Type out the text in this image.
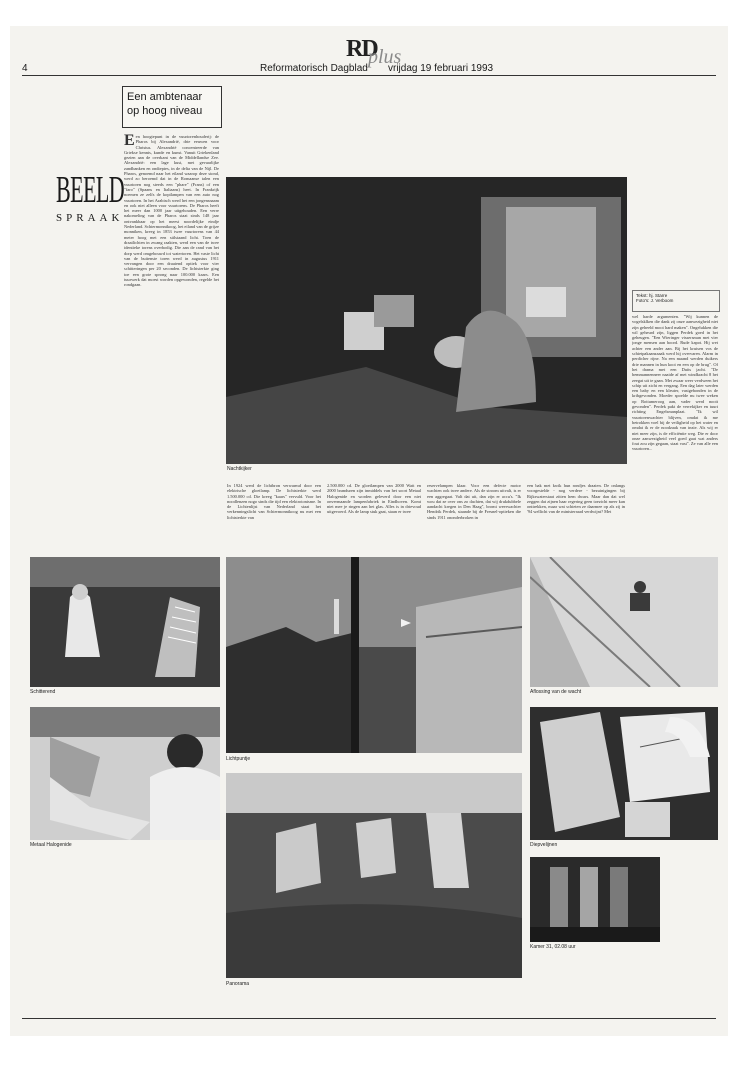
RD
plus
4	Reformatorisch Dagblad vrijdag 19 februari 1993
BEELD
SPRAAK
Een ambtenaar op hoog niveau
E en hoogtepunt in de vuurtorenhouderij: de Pharos bij Alexandrië, drie eeuwen voor Christus. Alexandrië concentreerde van Griekse kennis, kunde en kunst. Vanuit Griekenland gezien aan de overkant van de Middellandse Zee. Alexandrië: een lage kust, met gevaarlijke zandbanken en ondieptes, in de delta van de Nijl. De Pharos, genoemd naar het eiland waarop deze stond, werd zo beroemd dat in de Romaanse talen een vuurtoren nog steeds een "phare" (Frans) of een "faro" (Spaans en Italiaans) heet. In Frankrijk noemen ze zelfs de kopilampen van een auto nog vuurtoren. In het Arabisch werd het een jongensnaam en ook niet alleen voor vuurtorens. De Pharos heeft het meer dan 1000 jaar uitgehouden. Een verre nakomeling van de Pharos staat sinds 148 jaar ontvankbaar op het meest noordelijke eindje Nederland. Schiermonnikoog, het eiland van de grijze monniken, kreeg in 1853 twee vuurtorens van 44 meter hoog met een stilstaand licht. Toen de draailichten in zwang raakten, werd een van de twee identieke torens overbodig. Die aan de rand van het dorp werd omgebouwd tot watertoren. Het vaste licht van de buitenste toren werd in augustus 1911 vervangen door een draaiend optiek voor vier schitteringen per 20 seconden. De lichtsterkte ging toe een grote sprong naar 100.000 kaars. Een tuurwerk dat moest worden opgewonden, regelde het rondgaan.
Nachtkijker
Tekst: hj. Starre
Foto's: J. Verboom
wel harde argumenten. "Wij kunnen de vogelsklken die dank zij onze aanwezigheid niet zijn geheeld mooi hard maken". Ongelukken die wil geheurd zijn, liggen Perdek goed in het geheugen. "Een Wieringer vissersman met vier jonge mensen aan boord. Rude kapot. Hij wet achter een ander aan. Bij het kruisen vos de schietpakaanzaaak werd hij overvaren. Alarm in perdicher rijne. Na een maand werden duikers drie mannen in hun kooi en een op de brug". Of het drama met een Duits jacht. "De bemmannenneer naaide af met windkracht 8 het zeegat uit te gaan. Met zwaar weer verdween het schip uit zicht en vergang. Een dag later werden een baby en een kleuter, vastgebonden in de kribgevonden. Moeder spoelde nu twee weken op Rottumeroog aan, vader werd nooit gevonden". Perdek pakt de verrekijker en tuurt richting Engelsmanplaat. "Ik wil vuurtorenwachter blijven, omdat ik me betrokken voel bij de veiligheid op het water en omdat ik er de noodzaak van inzie. Als wij er niet meer zijn, is de efficiëntie weg. Die er door onze aanwezigheid veel goed gaat wat anders fout zou zijn gegaan, staat vast". Ze van alle een vuurtoren...
In 1924 werd de lichtbron verwarmd door een elektrische gloeilamp. De lichtsterkte werd 1.500.000 cd. Die kreeg "kaars" vervuld. Voor het noodlenzen nogo sinds die tijd een elektrotonisme. In de Lichtenlijst van Nederland staat het verkenningslicht van Schiermonnikoog nu met een lichtsterkte van
2.500.000 cd. De gloeilampen van 2000 Watt en 2000 branduren zijn inmiddels van het soort Metaal Halogenide en worden geleverd door een niet onvermaande lampenfabriek in Eindhoven. Komt niet mee je ringen aan het glas. Alles is in drievoud uitgevoerd. Als de lamp stuk gaat, staan er twee
reservelampen klaar. Voor een defecte motor wachten ook twee andere. Als de stroom uitvalt, is er een aggregaat. Valt dat uit, dan zijn er accu's. "Ik wou dat ze over ons zo dachten, dat wij drukdubbele aandacht kregen in Den Haag", bromt weerwachter Hendrik Perdek, staande bij de Fresnel-optieken die sinds 1911 ononderbroken in
een bak met kwik hun rondjes draaien. De onlangs voorgestelde - nog verdere - bezuinigingen bij Rijkswaterstaat zitten hem dwars. Maar dan dat wel zeggen dat zijnen haar regering geen toezicht meer kan onttrekken, maar wat schieten ze daarmee op als zij in '94 wellicht van de ministerraad verdwijnt? Met
Schitterend
Metaal Halogenide
Lichtpuntje
Panorama
Aflossing van de wacht
Diepvelijnen
Kamer 31, 02.08 uur
